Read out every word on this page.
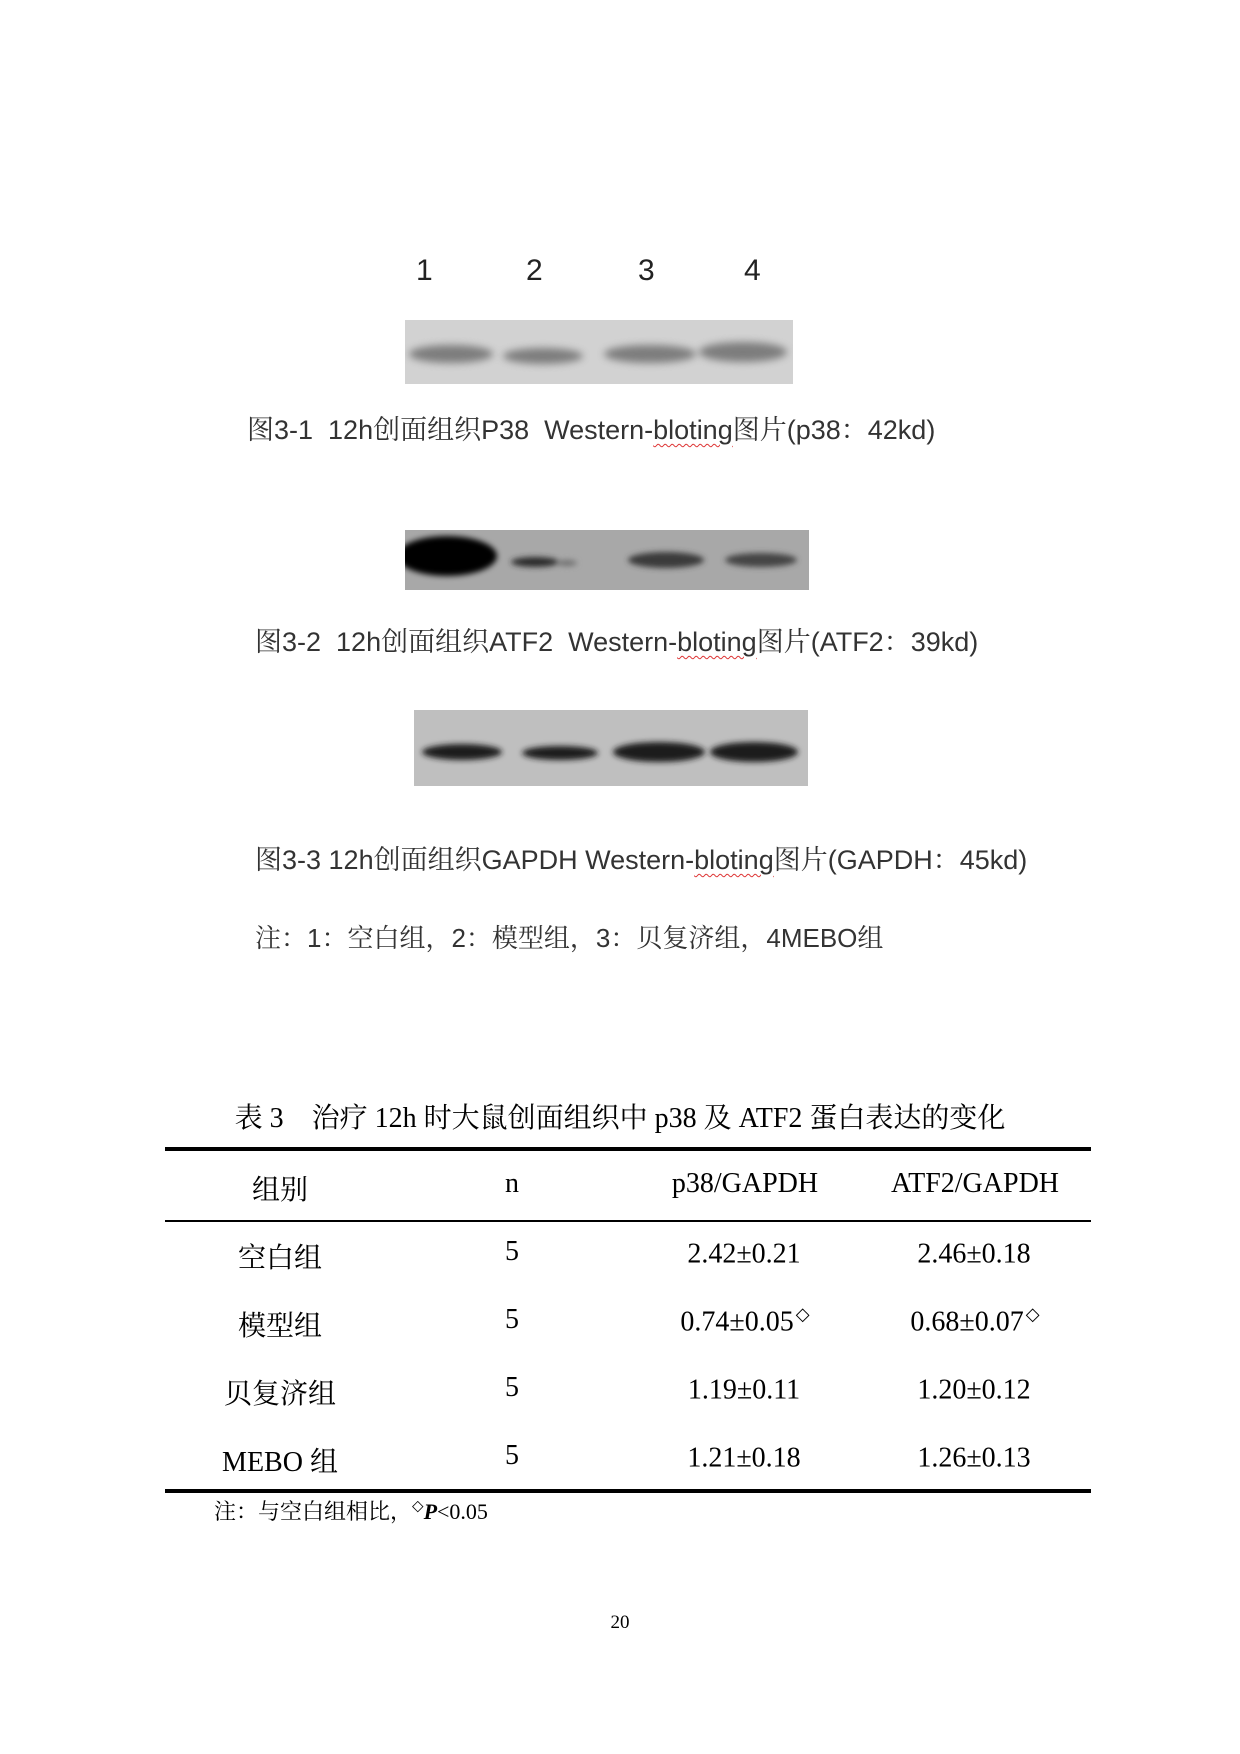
1	2	3	4
图3-1  12h创面组织P38  Western-bloting图片(p38：42kd)
图3-2  12h创面组织ATF2  Western-bloting图片(ATF2：39kd)
图3-3 12h创面组织GAPDH Western-bloting图片(GAPDH：45kd)
注：1：空白组，2：模型组，3：贝复济组，4MEBO组
表 3　治疗 12h 时大鼠创面组织中 p38 及 ATF2 蛋白表达的变化
组别	n	p38/GAPDH	ATF2/GAPDH
空白组	5	2.42±0.21	2.46±0.18
模型组	5	0.74±0.05 ◇	0.68±0.07 ◇
贝复济组	5	1.19±0.11	1.20±0.12
MEBO 组	5	1.21±0.18	1.26±0.13
注：与空白组相比，◇P<0.05
20
